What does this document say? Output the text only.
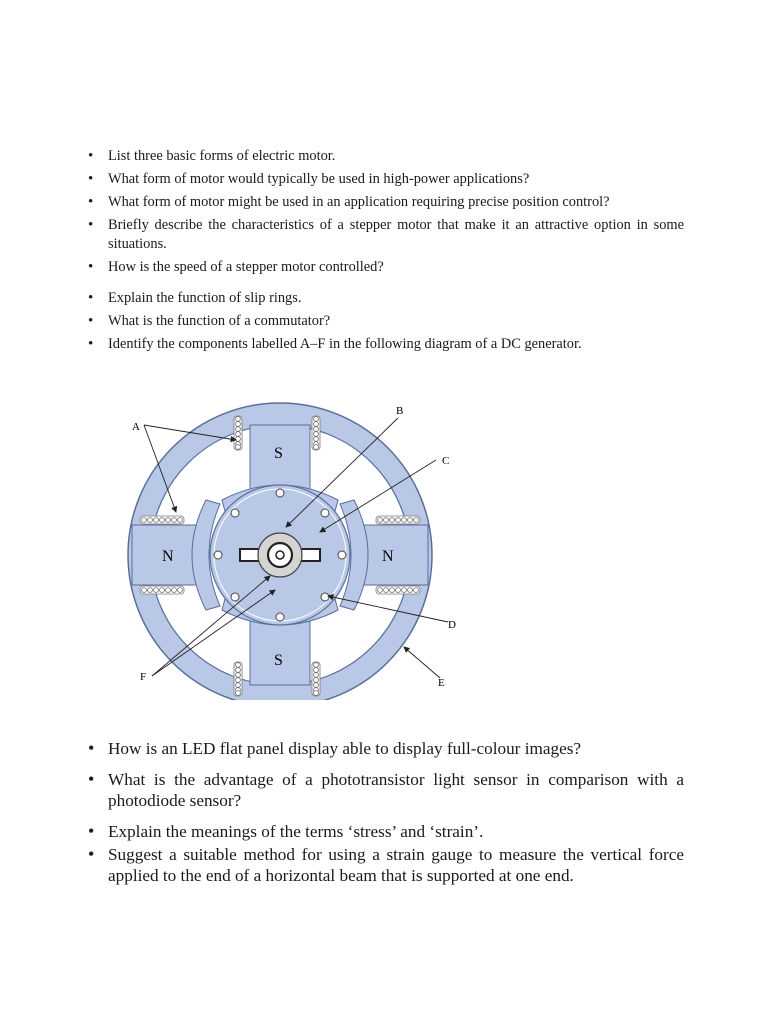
• List three basic forms of electric motor.
• What form of motor would typically be used in high-power applications?
• What form of motor might be used in an application requiring precise position control?
• Briefly describe the characteristics of a stepper motor that make it an attractive option in some situations.
• How is the speed of a stepper motor controlled?
• Explain the function of slip rings.
• What is the function of a commutator?
• Identify the components labelled A–F in the following diagram of a DC generator.
S
S
N	N
A
B
C
D
E
F
• How is an LED flat panel display able to display full-colour images?
• What is the advantage of a phototransistor light sensor in comparison with a photodiode sensor?
• Explain the meanings of the terms ‘stress’ and ‘strain’.
• Suggest a suitable method for using a strain gauge to measure the vertical force applied to the end of a horizontal beam that is supported at one end.
